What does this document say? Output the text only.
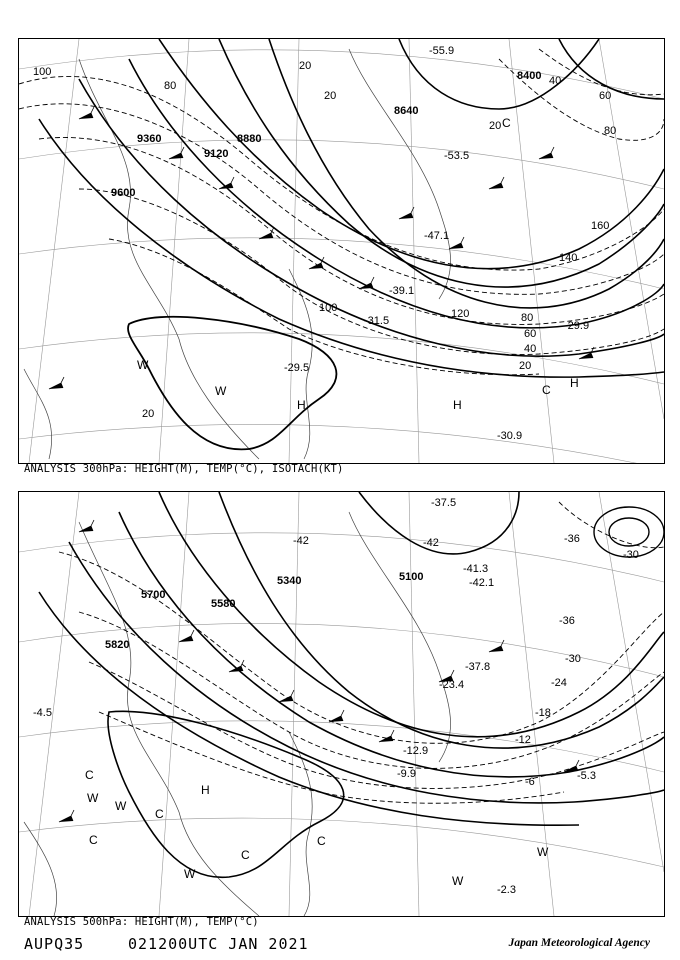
8400
8640
8880
9120
9360
9600
100
80
20
20
20
40
60
80
160
140
120
100
80
60
40
20
20
-55.9
-53.5
-47.1
-39.1
-31.5	-29.9
-30.9
-29.5
H	H
H
C
C
W
W
ANALYSIS 300hPa: HEIGHT(M), TEMP(°C), ISOTACH(KT)
5100
5340
5580
5700
5820
-42	-42
-36
-30
-24
-18
-12
-6
-36
-30
-37.5
-41.3
-42.1
-37.8
-23.4
-12.9
-9.9	-5.3
-2.3
-4.5
C
C
C
C
C
W
W
W
W
W
H
ANALYSIS 500hPa: HEIGHT(M), TEMP(°C)
AUPQ35	021200UTC JAN 2021	Japan Meteorological Agency
